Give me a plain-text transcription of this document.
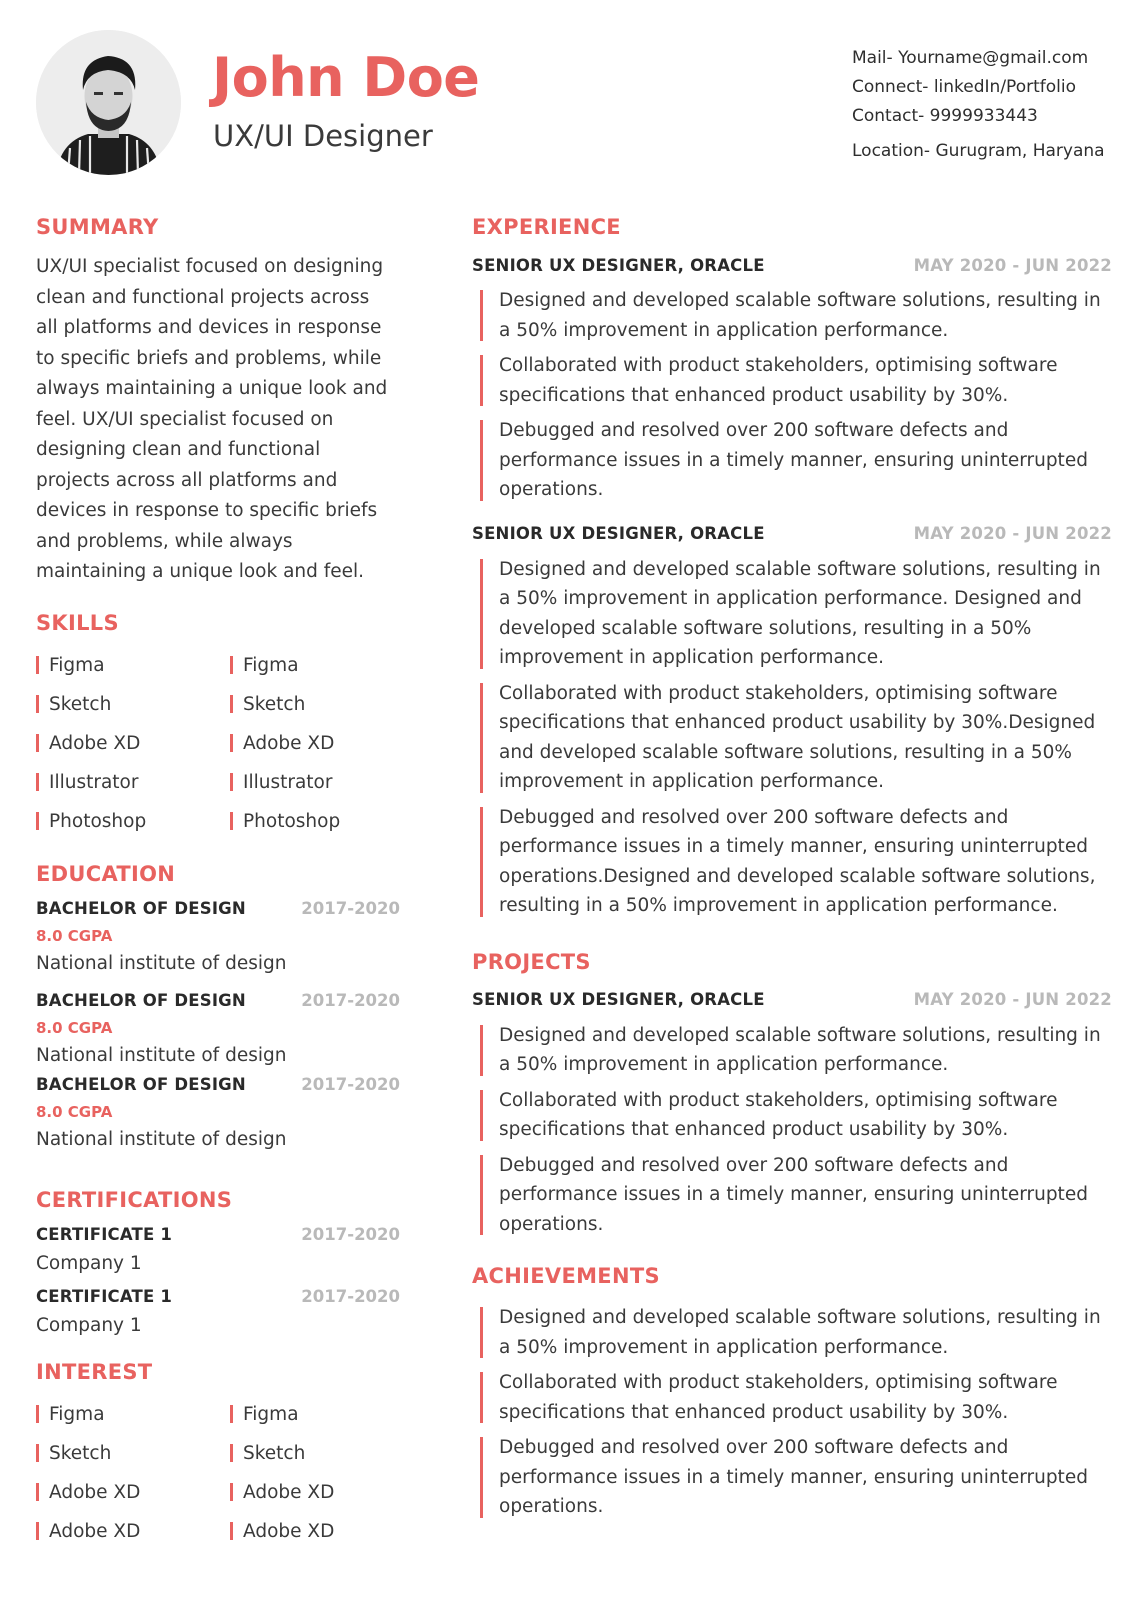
John Doe
UX/UI Designer
Mail- Yourname@gmail.com
Connect- linkedIn/Portfolio
Contact- 9999933443
Location- Gurugram, Haryana
SUMMARY
UX/UI specialist focused on designing clean and functional projects across all platforms and devices in response to specific briefs and problems, while always maintaining a unique look and feel. UX/UI specialist focused on designing clean and functional projects across all platforms and devices in response to specific briefs and problems, while always maintaining a unique look and feel.
SKILLS
Figma	Figma
Sketch	Sketch
Adobe XD	Adobe XD
Illustrator	Illustrator
Photoshop	Photoshop
EDUCATION
BACHELOR OF DESIGN	2017-2020
8.0 CGPA
National institute of design
BACHELOR OF DESIGN	2017-2020
8.0 CGPA
National institute of design
BACHELOR OF DESIGN	2017-2020
8.0 CGPA
National institute of design
CERTIFICATIONS
CERTIFICATE 1	2017-2020
Company 1
CERTIFICATE 1	2017-2020
Company 1
INTEREST
Figma	Figma
Sketch	Sketch
Adobe XD	Adobe XD
Adobe XD	Adobe XD
EXPERIENCE
SENIOR UX DESIGNER, ORACLE	MAY 2020 - JUN 2022
Designed and developed scalable software solutions, resulting in a 50% improvement in application performance.
Collaborated with product stakeholders, optimising software specifications that enhanced product usability by 30%.
Debugged and resolved over 200 software defects and performance issues in a timely manner, ensuring uninterrupted operations.
SENIOR UX DESIGNER, ORACLE	MAY 2020 - JUN 2022
Designed and developed scalable software solutions, resulting in a 50% improvement in application performance. Designed and developed scalable software solutions, resulting in a 50% improvement in application performance.
Collaborated with product stakeholders, optimising software specifications that enhanced product usability by 30%.Designed and developed scalable software solutions, resulting in a 50% improvement in application performance.
Debugged and resolved over 200 software defects and performance issues in a timely manner, ensuring uninterrupted operations.Designed and developed scalable software solutions, resulting in a 50% improvement in application performance.
PROJECTS
SENIOR UX DESIGNER, ORACLE	MAY 2020 - JUN 2022
Designed and developed scalable software solutions, resulting in a 50% improvement in application performance.
Collaborated with product stakeholders, optimising software specifications that enhanced product usability by 30%.
Debugged and resolved over 200 software defects and performance issues in a timely manner, ensuring uninterrupted operations.
ACHIEVEMENTS
Designed and developed scalable software solutions, resulting in a 50% improvement in application performance.
Collaborated with product stakeholders, optimising software specifications that enhanced product usability by 30%.
Debugged and resolved over 200 software defects and performance issues in a timely manner, ensuring uninterrupted operations.
